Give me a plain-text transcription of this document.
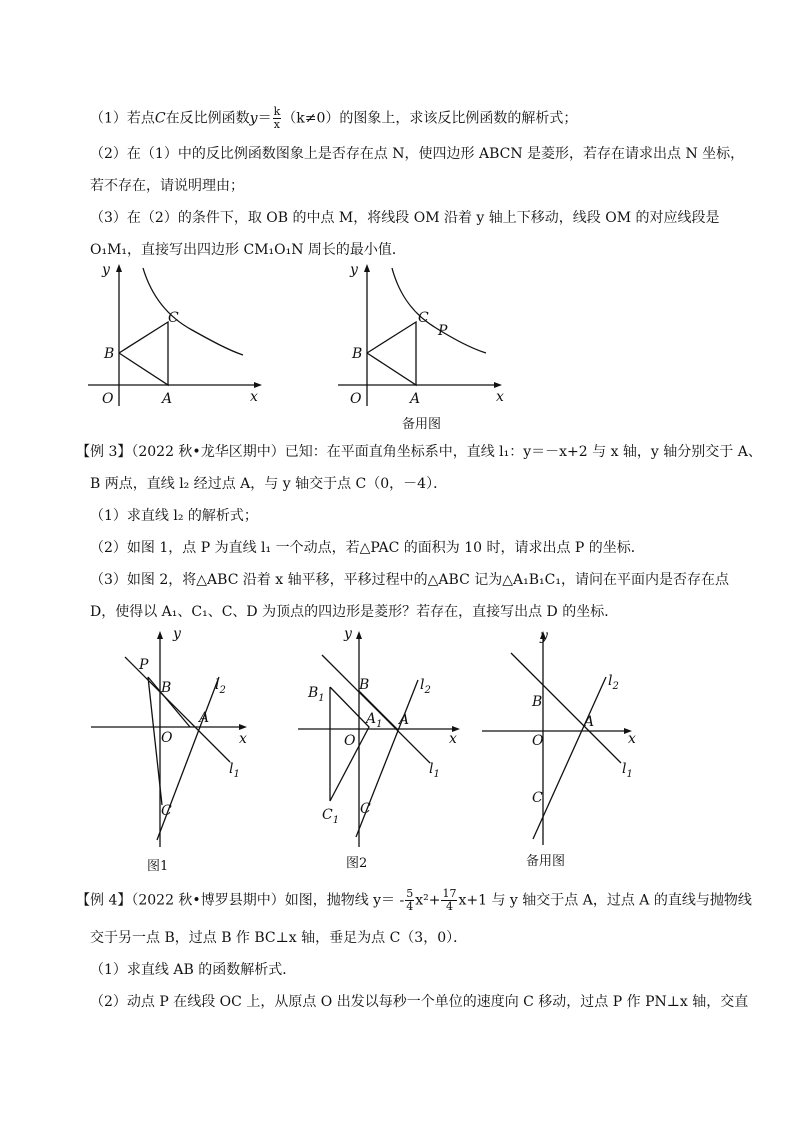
（1）若点C在反比例函数$y= \frac{k}{x} (k\ne 0)$的图象上，求该反比例函数的解析式；
（2）在（1）中的反比例函数图象上是否存在点 N，使四边形 ABCN 是菱形，若存在请求出点 N 坐标，
若不存在，请说明理由；
（3）在（2）的条件下，取 OB 的中点 M，将线段 OM 沿着 y 轴上下移动，线段 OM 的对应线段是
O₁M₁，直接写出四边形 CM₁O₁N 周长的最小值．
y
x
O	A
B
C
y
x
O	A
B
C
P
备用图
【例 3】（2022 秋•龙华区期中）已知：在平面直角坐标系中，直线 l₁：y＝－x+2 与 x 轴，y 轴分别交于 A、
B 两点，直线 l₂ 经过点 A，与 y 轴交于点 C（0，－4）．
（1）求直线 l₂ 的解析式；
（2）如图 1，点 P 为直线 l₁ 一个动点，若△PAC 的面积为 10 时，请求出点 P 的坐标．
（3）如图 2，将△ABC 沿着 x 轴平移，平移过程中的△ABC 记为△A₁B₁C₁，请问在平面内是否存在点
D，使得以 A₁、C₁、C、D 为顶点的四边形是菱形？若存在，直接写出点 D 的坐标．
y
x
O
A
B
C
P
$l_2$
$l_1$
图1
y
x
O
A
B
C
$A_1$
$B_1$
$C_1$
$l_2$
$l_1$
图2
y
x
O
A
B
C
$l_2$
$l_1$
备用图
【例 4】（2022 秋•博罗县期中）如图，抛物线 $y= - \frac{5}{4} x^2+ \frac{17}{4} x+1$ 与 y 轴交于点 A，过点 A 的直线与抛物线
交于另一点 B，过点 B 作 BC⊥x 轴，垂足为点 C（3，0）．
（1）求直线 AB 的函数解析式．
（2）动点 P 在线段 OC 上，从原点 O 出发以每秒一个单位的速度向 C 移动，过点 P 作 PN⊥x 轴，交直
